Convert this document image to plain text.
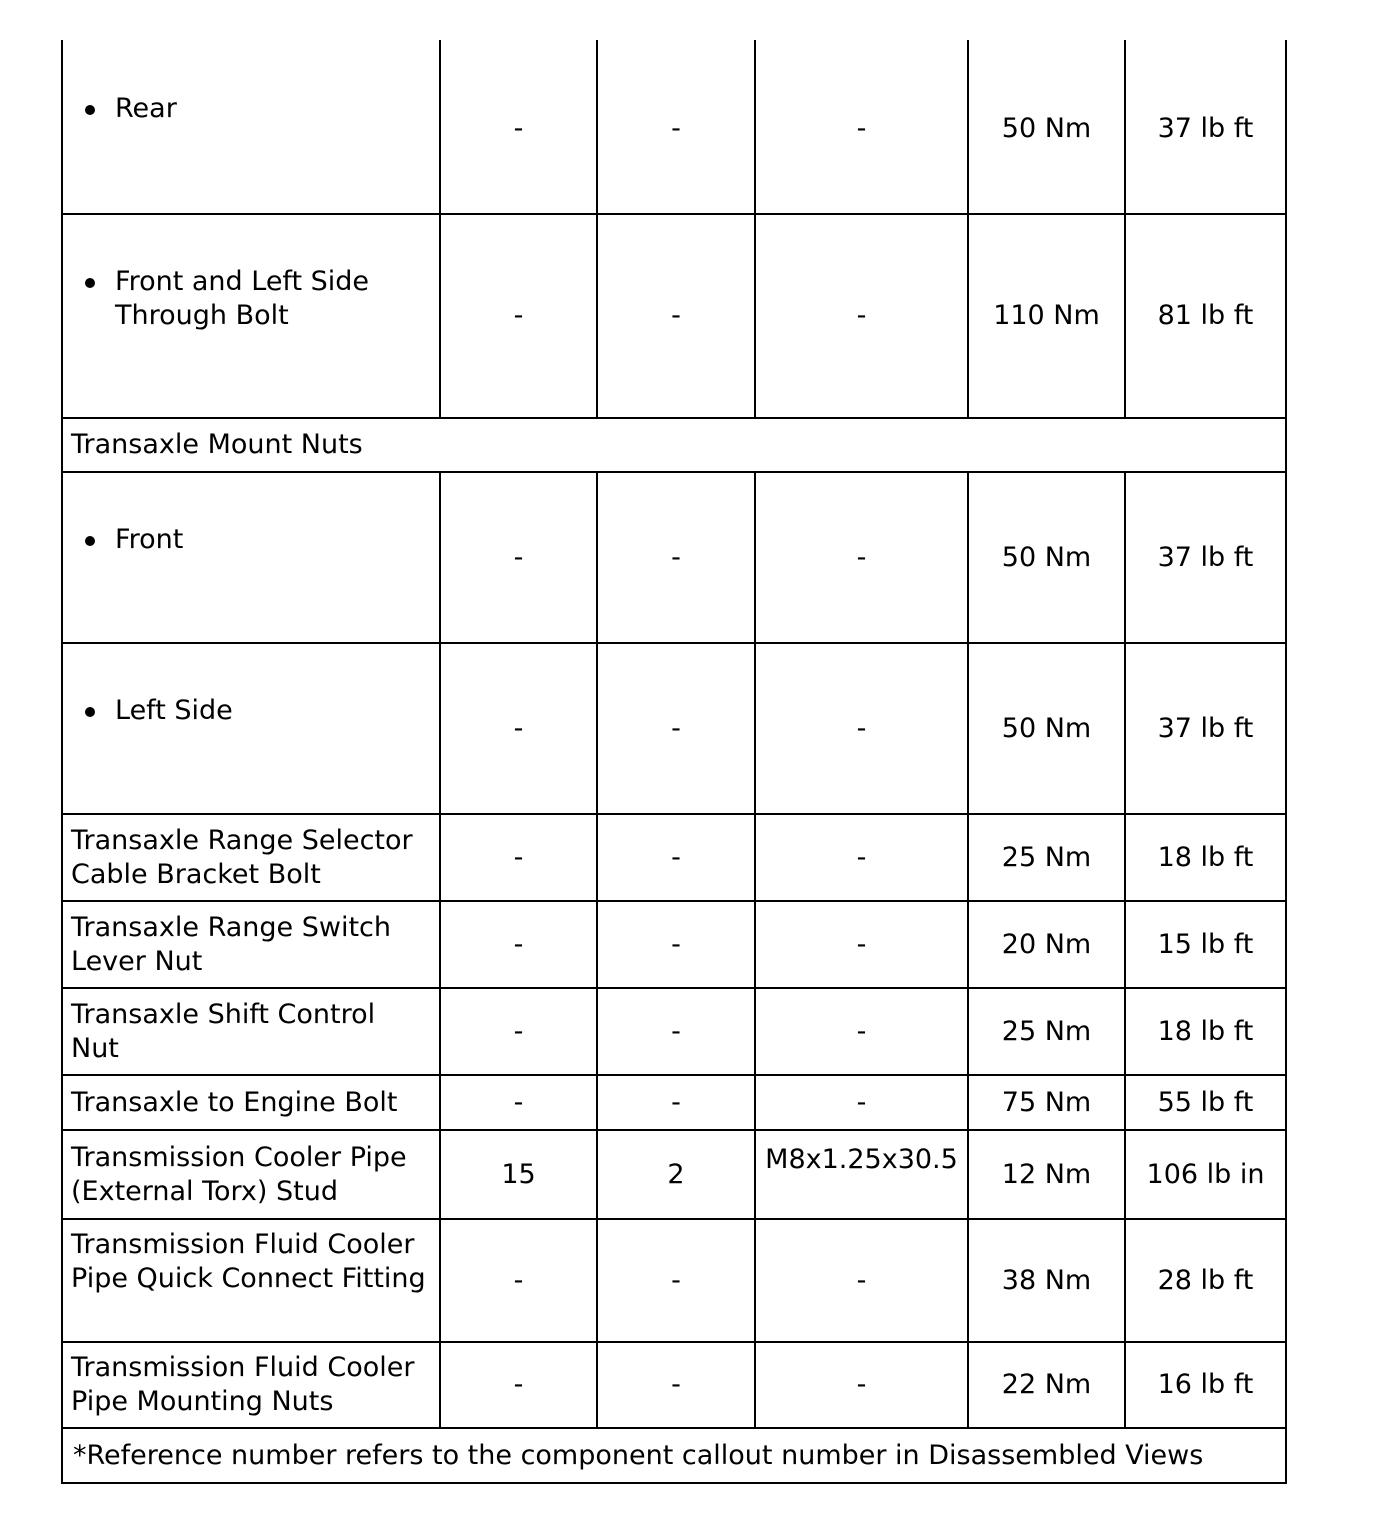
Rear	-	-	-	50 Nm	37 lb ft

Front and Left Side Through Bolt	-	-	-	110 Nm	81 lb ft
Transaxle Mount Nuts					

Front	-	-	-	50 Nm	37 lb ft

Left Side	-	-	-	50 Nm	37 lb ft
Transaxle Range Selector Cable Bracket Bolt	-	-	-	25 Nm	18 lb ft
Transaxle Range Switch Lever Nut	-	-	-	20 Nm	15 lb ft
Transaxle Shift Control Nut	-	-	-	25 Nm	18 lb ft
Transaxle to Engine Bolt	-	-	-	75 Nm	55 lb ft
Transmission Cooler Pipe (External Torx) Stud	15	2	M8x1.25x30.5	12 Nm	106 lb in
Transmission Fluid Cooler Pipe Quick Connect Fitting	-	-	-	38 Nm	28 lb ft
Transmission Fluid Cooler Pipe Mounting Nuts	-	-	-	22 Nm	16 lb ft
*Reference number refers to the component callout number in Disassembled Views					
